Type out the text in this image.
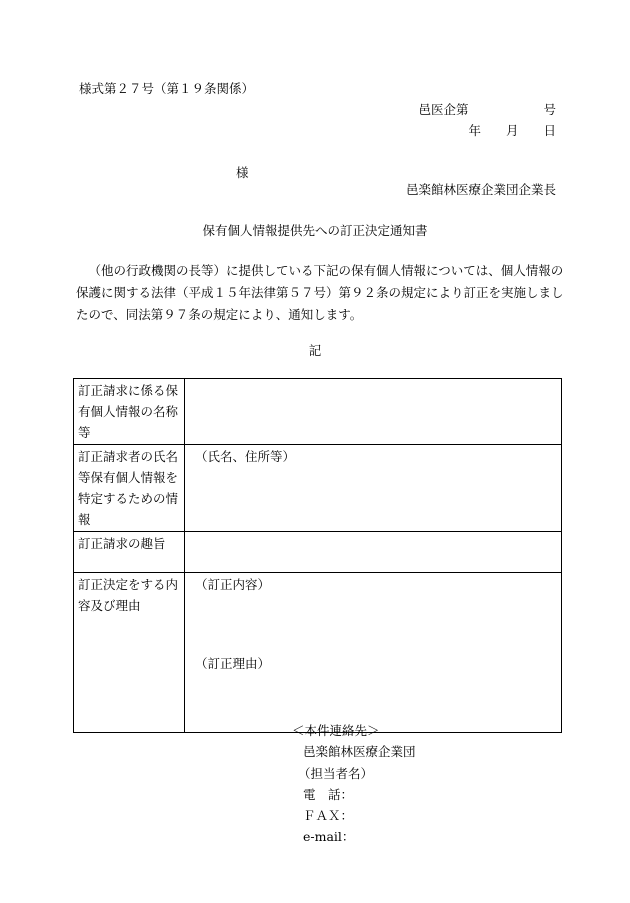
様式第２７号（第１９条関係）
邑医企第　　　　　　号
年　　月　　日
様
邑楽館林医療企業団企業長
保有個人情報提供先への訂正決定通知書

（他の行政機関の長等）に提供している下記の保有個人情報については、個人情報の保護に関する法律（平成１５年法律第５７号）第９２条の規定により訂正を実施しましたので、同法第９７条の規定により、通知します。

記
訂正請求に係る保有個人情報の名称等	
訂正請求者の氏名等保有個人情報を特定するための情報	（氏名、住所等）
訂正請求の趣旨	
訂正決定をする内容及び理由	（訂正内容）
（訂正理由）
＜本件連絡先＞
邑楽館林医療企業団
（担当者名）
電　話：
ＦＡＸ：
e-mail：
